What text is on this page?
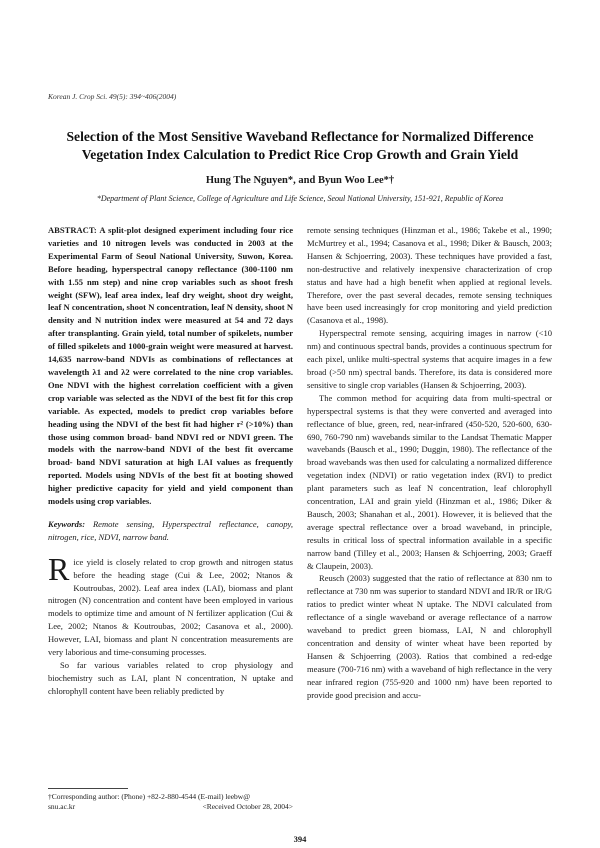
Korean J. Crop Sci. 49(5): 394~406(2004)
Selection of the Most Sensitive Waveband Reflectance for Normalized Difference Vegetation Index Calculation to Predict Rice Crop Growth and Grain Yield
Hung The Nguyen*, and Byun Woo Lee*†
*Department of Plant Science, College of Agriculture and Life Science, Seoul National University, 151-921, Republic of Korea
ABSTRACT: A split-plot designed experiment including four rice varieties and 10 nitrogen levels was conducted in 2003 at the Experimental Farm of Seoul National University, Suwon, Korea. Before heading, hyperspectral canopy reflectance (300-1100 nm with 1.55 nm step) and nine crop variables such as shoot fresh weight (SFW), leaf area index, leaf dry weight, shoot dry weight, leaf N concentration, shoot N concentration, leaf N density, shoot N density and N nutrition index were measured at 54 and 72 days after transplanting. Grain yield, total number of spikelets, number of filled spikelets and 1000-grain weight were measured at harvest. 14,635 narrow-band NDVIs as combinations of reflectances at wavelength λ1 and λ2 were correlated to the nine crop variables. One NDVI with the highest correlation coefficient with a given crop variable was selected as the NDVI of the best fit for this crop variable. As expected, models to predict crop variables before heading using the NDVI of the best fit had higher r² (>10%) than those using common broad- band NDVI red or NDVI green. The models with the narrow-band NDVI of the best fit overcame broad- band NDVI saturation at high LAI values as frequently reported. Models using NDVIs of the best fit at booting showed higher predictive capacity for yield and yield component than models using crop variables.
Keywords: Remote sensing, Hyperspectral reflectance, canopy, nitrogen, rice, NDVI, narrow band.

Rice yield is closely related to crop growth and nitrogen status before the heading stage (Cui & Lee, 2002; Ntanos & Koutroubas, 2002). Leaf area index (LAI), biomass and plant nitrogen (N) concentration and content have been employed in various models to optimize time and amount of N fertilizer application (Cui & Lee, 2002; Ntanos & Koutroubas, 2002; Casanova et al., 2000). However, LAI, biomass and plant N concentration measurements are very laborious and time-consuming processes.

So far various variables related to crop physiology and biochemistry such as LAI, plant N concentration, N uptake and chlorophyll content have been reliably predicted by

remote sensing techniques (Hinzman et al., 1986; Takebe et al., 1990; McMurtrey et al., 1994; Casanova et al., 1998; Diker & Bausch, 2003; Hansen & Schjoerring, 2003). These techniques have provided a fast, non-destructive and relatively inexpensive characterization of crop status and have had a high benefit when applied at regional levels. Therefore, over the past several decades, remote sensing techniques have been used increasingly for crop monitoring and yield prediction (Casanova et al., 1998).

Hyperspectral remote sensing, acquiring images in narrow (<10 nm) and continuous spectral bands, provides a continuous spectrum for each pixel, unlike multi-spectral systems that acquire images in a few broad (>50 nm) spectral bands. Therefore, its data is considered more sensitive to single crop variables (Hansen & Schjoerring, 2003).

The common method for acquiring data from multi-spectral or hyperspectral systems is that they were converted and averaged into reflectance of blue, green, red, near-infrared (450-520, 520-600, 630-690, 760-790 nm) wavebands similar to the Landsat Thematic Mapper wavebands (Bausch et al., 1990; Duggin, 1980). The reflectance of the broad wavebands was then used for calculating a normalized difference vegetation index (NDVI) or ratio vegetation index (RVI) to predict plant parameters such as leaf N concentration, leaf chlorophyll concentration, LAI and grain yield (Hinzman et al., 1986; Diker & Bausch, 2003; Shanahan et al., 2001). However, it is believed that the average spectral reflectance over a broad waveband, in principle, results in critical loss of spectral information available in a specific narrow band (Tilley et al., 2003; Hansen & Schjoerring, 2003; Graeff & Claupein, 2003).

Reusch (2003) suggested that the ratio of reflectance at 830 nm to reflectance at 730 nm was superior to standard NDVI and IR/R or IR/G ratios to predict winter wheat N uptake. The NDVI calculated from reflectance of a single waveband or average reflectance of a narrow waveband to predict green biomass, LAI, N and chlorophyll concentration and density of winter wheat have been reported by Hansen & Schjoerring (2003). Ratios that combined a red-edge measure (700-716 nm) with a waveband of high reflectance in the very near infrared region (755-920 and 1000 nm) have been reported to provide good precision and accu-

†Corresponding author: (Phone) +82-2-880-4544 (E-mail) leebw@
snu.ac.kr	<Received October 28, 2004>
394
